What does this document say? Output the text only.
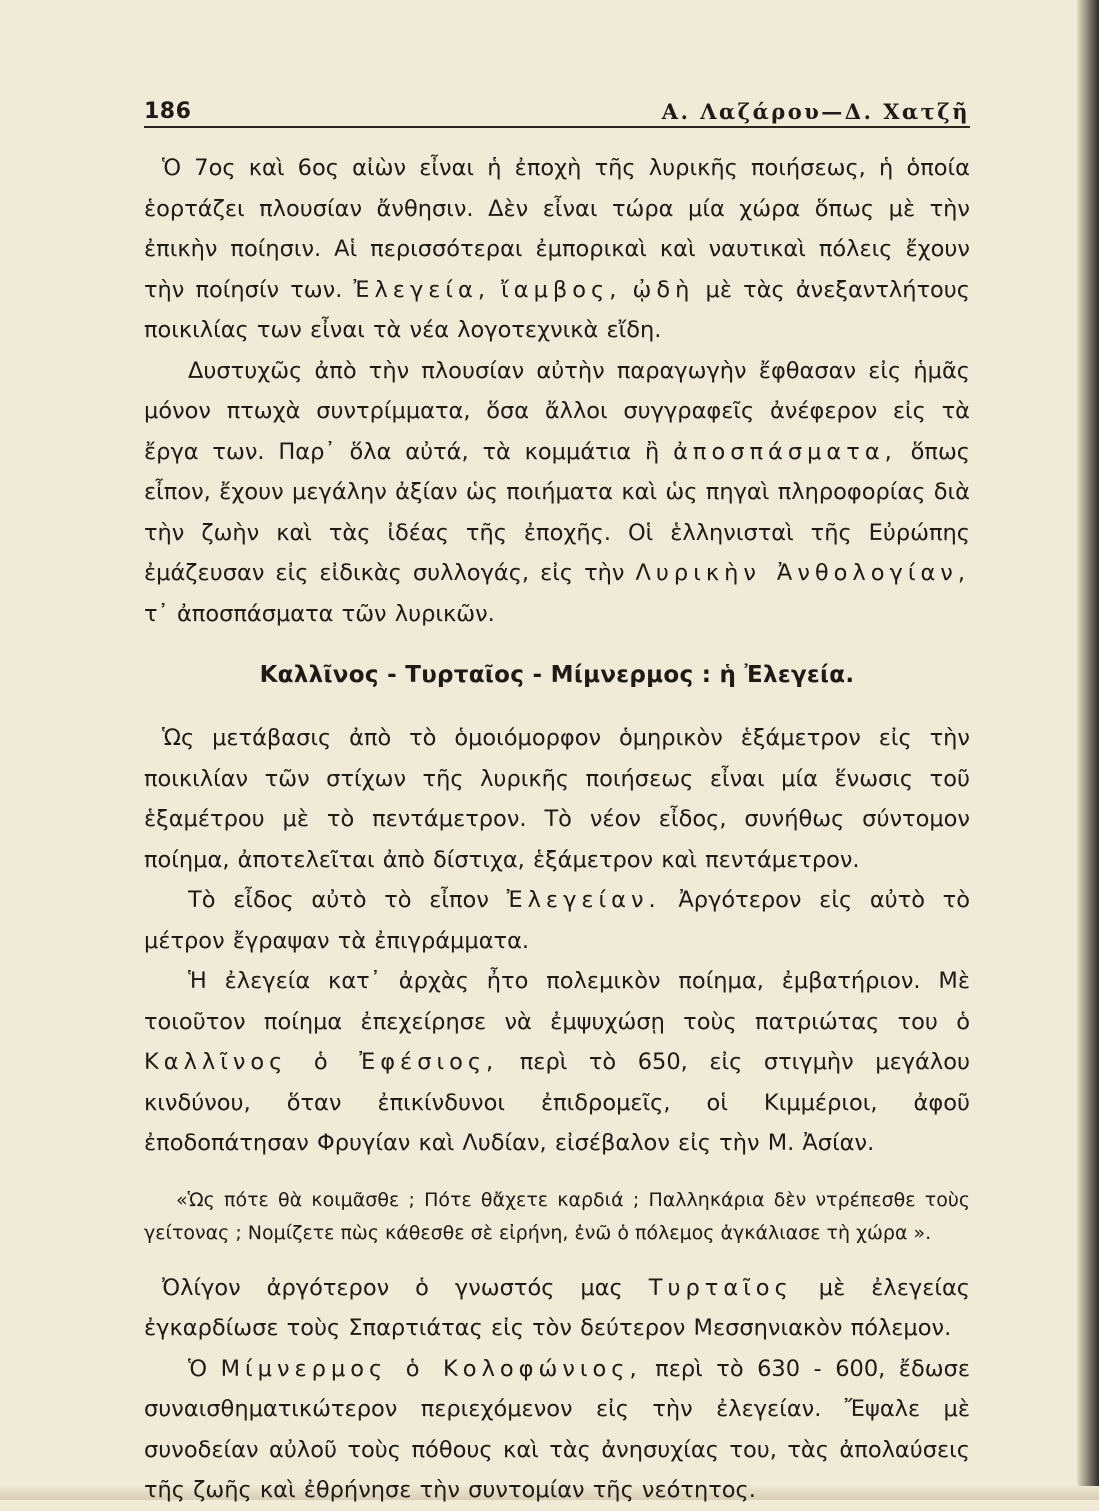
186	Α. Λαζάρου—Δ. Χατζῆ

Ὁ 7ος καὶ 6ος αἰὼν εἶναι ἡ ἐποχὴ τῆς λυρικῆς ποιήσεως, ἡ ὁποία ἑορτάζει πλουσίαν ἄνθησιν. Δὲν εἶναι τώρα μία χώρα ὅπως μὲ τὴν ἐπικὴν ποίησιν. Αἱ περισσότεραι ἐμπορικαὶ καὶ ναυτικαὶ πόλεις ἔχουν τὴν ποίησίν των. Ἐλεγεία, ἴαμβος, ᾠδὴ μὲ τὰς ἀνεξαντλήτους ποικιλίας των εἶναι τὰ νέα λογοτεχνικὰ εἴδη.

Δυστυχῶς ἀπὸ τὴν πλουσίαν αὐτὴν παραγωγὴν ἔφθασαν εἰς ἡμᾶς μόνον πτωχὰ συντρίμματα, ὅσα ἄλλοι συγγραφεῖς ἀνέφερον εἰς τὰ ἔργα των. Παρ᾿ ὅλα αὐτά, τὰ κομμάτια ἢ ἀποσπάσματα, ὅπως εἶπον, ἔχουν μεγάλην ἀξίαν ὡς ποιήματα καὶ ὡς πηγαὶ πληροφορίας διὰ τὴν ζωὴν καὶ τὰς ἰδέας τῆς ἐποχῆς. Οἱ ἑλληνισταὶ τῆς Εὐρώπης ἐμάζευσαν εἰς εἰδικὰς συλλογάς, εἰς τὴν Λυρικὴν Ἀνθολογίαν, τ᾿ ἀποσπάσματα τῶν λυρικῶν.

Καλλῖνος - Τυρταῖος - Μίμνερμος : ἡ Ἐλεγεία.

Ὡς μετάβασις ἀπὸ τὸ ὁμοιόμορφον ὁμηρικὸν ἑξάμετρον εἰς τὴν ποικιλίαν τῶν στίχων τῆς λυρικῆς ποιήσεως εἶναι μία ἕνωσις τοῦ ἑξαμέτρου μὲ τὸ πεντάμετρον. Τὸ νέον εἶδος, συνήθως σύντομον ποίημα, ἀποτελεῖται ἀπὸ δίστιχα, ἑξάμετρον καὶ πεντάμετρον.

Τὸ εἶδος αὐτὸ τὸ εἶπον Ἐλεγείαν. Ἀργότερον εἰς αὐτὸ τὸ μέτρον ἔγραψαν τὰ ἐπιγράμματα.

Ἡ ἐλεγεία κατ᾿ ἀρχὰς ἦτο πολεμικὸν ποίημα, ἐμβατήριον. Μὲ τοιοῦτον ποίημα ἐπεχείρησε νὰ ἐμψυχώσῃ τοὺς πατριώτας του ὁ Καλλῖνος ὁ Ἐφέσιος, περὶ τὸ 650, εἰς στιγμὴν μεγάλου κινδύνου, ὅταν ἐπικίνδυνοι ἐπιδρομεῖς, οἱ Κιμμέριοι, ἀφοῦ ἐποδοπάτησαν Φρυγίαν καὶ Λυδίαν, εἰσέβαλον εἰς τὴν Μ. Ἀσίαν.

«Ὡς πότε θὰ κοιμᾶσθε ; Πότε θἄχετε καρδιά ; Παλληκάρια δὲν ντρέπεσθε τοὺς γείτονας ; Νομίζετε πὼς κάθεσθε σὲ εἰρήνη, ἐνῶ ὁ πόλεμος ἀγκάλιασε τὴ χώρα ».

Ὀλίγον ἀργότερον ὁ γνωστός μας Τυρταῖος μὲ ἐλεγείας ἐγκαρδίωσε τοὺς Σπαρτιάτας εἰς τὸν δεύτερον Μεσσηνιακὸν πόλεμον.

Ὁ Μίμνερμος ὁ Κολοφώνιος, περὶ τὸ 630 - 600, ἔδωσε συναισθηματικώτερον περιεχόμενον εἰς τὴν ἐλεγείαν. Ἔψαλε μὲ συνοδείαν αὐλοῦ τοὺς πόθους καὶ τὰς ἀνησυχίας του, τὰς ἀπολαύσεις τῆς ζωῆς καὶ ἐθρήνησε τὴν συντομίαν τῆς νεότητος.
